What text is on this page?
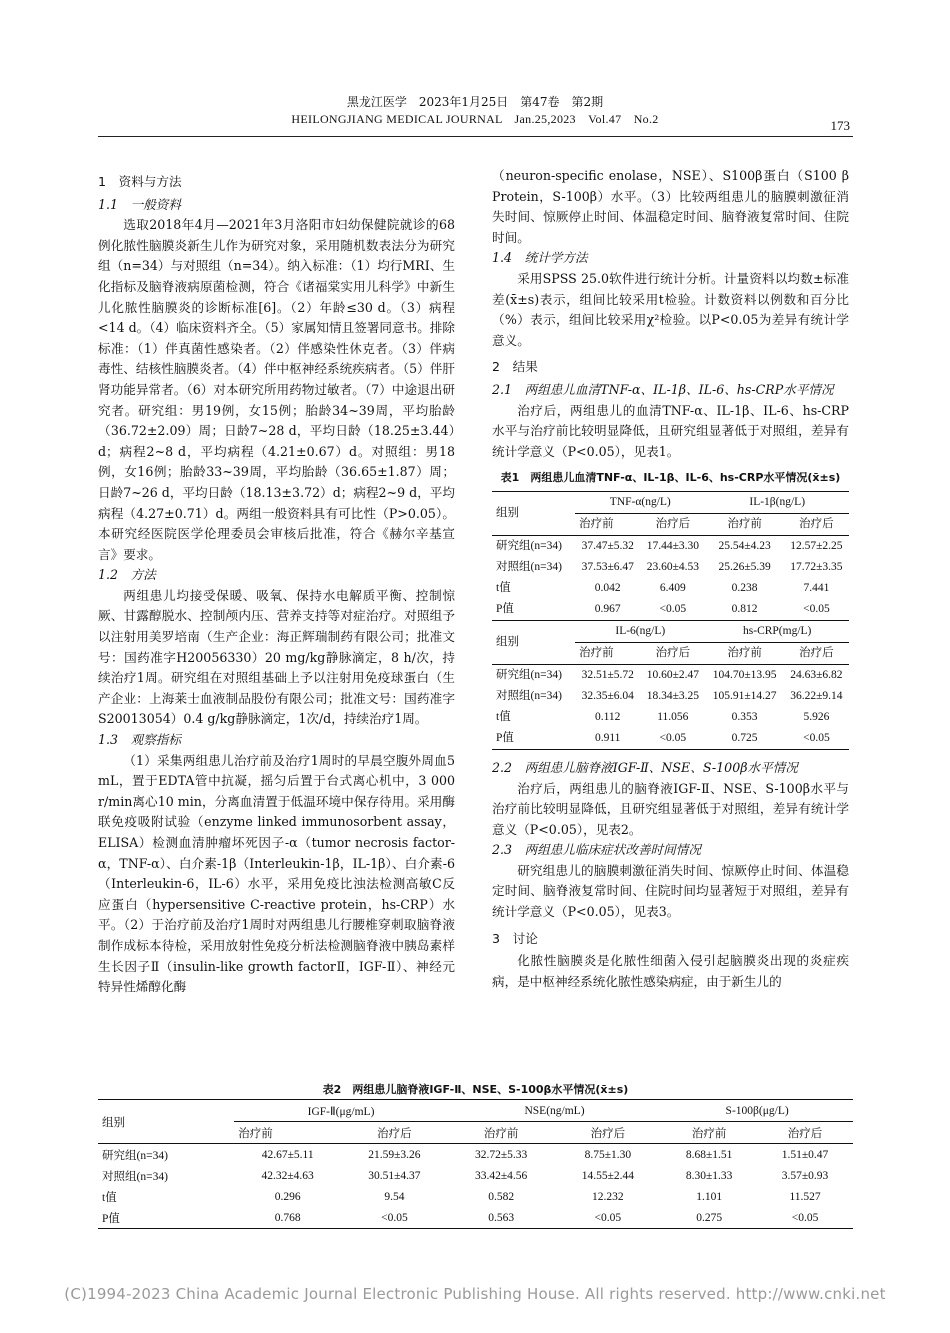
黑龙江医学　2023年1月25日　第47卷　第2期
HEILONGJIANG MEDICAL JOURNAL　Jan.25,2023　Vol.47　No.2	173

1　资料与方法

1.1　一般资料

选取2018年4月—2021年3月洛阳市妇幼保健院就诊的68例化脓性脑膜炎新生儿作为研究对象，采用随机数表法分为研究组（n=34）与对照组（n=34）。纳入标准：（1）均行MRI、生化指标及脑脊液病原菌检测，符合《诸福棠实用儿科学》中新生儿化脓性脑膜炎的诊断标准[6]。（2）年龄≤30 d。（3）病程<14 d。（4）临床资料齐全。（5）家属知情且签署同意书。排除标准：（1）伴真菌性感染者。（2）伴感染性休克者。（3）伴病毒性、结核性脑膜炎者。（4）伴中枢神经系统疾病者。（5）伴肝肾功能异常者。（6）对本研究所用药物过敏者。（7）中途退出研究者。研究组：男19例，女15例；胎龄34~39周，平均胎龄（36.72±2.09）周；日龄7~28 d，平均日龄（18.25±3.44）d；病程2~8 d，平均病程（4.21±0.67）d。对照组：男18例，女16例；胎龄33~39周，平均胎龄（36.65±1.87）周；日龄7~26 d，平均日龄（18.13±3.72）d；病程2~9 d，平均病程（4.27±0.71）d。两组一般资料具有可比性（P>0.05）。本研究经医院医学伦理委员会审核后批准，符合《赫尔辛基宣言》要求。

1.2　方法

两组患儿均接受保暖、吸氧、保持水电解质平衡、控制惊厥、甘露醇脱水、控制颅内压、营养支持等对症治疗。对照组予以注射用美罗培南（生产企业：海正辉瑞制药有限公司；批准文号：国药准字H20056330）20 mg/kg静脉滴定，8 h/次，持续治疗1周。研究组在对照组基础上予以注射用免疫球蛋白（生产企业：上海莱士血液制品股份有限公司；批准文号：国药准字S20013054）0.4 g/kg静脉滴定，1次/d，持续治疗1周。

1.3　观察指标

（1）采集两组患儿治疗前及治疗1周时的早晨空腹外周血5 mL，置于EDTA管中抗凝，摇匀后置于台式离心机中，3 000 r/min离心10 min，分离血清置于低温环境中保存待用。采用酶联免疫吸附试验（enzyme linked immunosorbent assay，ELISA）检测血清肿瘤坏死因子-α（tumor necrosis factor-α，TNF-α）、白介素-1β（Interleukin-1β，IL-1β）、白介素-6（Interleukin-6，IL-6）水平，采用免疫比浊法检测高敏C反应蛋白（hypersensitive C-reactive protein，hs-CRP）水平。（2）于治疗前及治疗1周时对两组患儿行腰椎穿刺取脑脊液制作成标本待检，采用放射性免疫分析法检测脑脊液中胰岛素样生长因子Ⅱ（insulin-like growth factorⅡ，IGF-Ⅱ）、神经元特异性烯醇化酶

（neuron-specific enolase，NSE）、S100β蛋白（S100 β Protein，S-100β）水平。（3）比较两组患儿的脑膜刺激征消失时间、惊厥停止时间、体温稳定时间、脑脊液复常时间、住院时间。

1.4　统计学方法

采用SPSS 25.0软件进行统计分析。计量资料以均数±标准差(x̄±s)表示，组间比较采用t检验。计数资料以例数和百分比（%）表示，组间比较采用χ²检验。以P<0.05为差异有统计学意义。

2　结果

2.1　两组患儿血清TNF-α、IL-1β、IL-6、hs-CRP水平情况

治疗后，两组患儿的血清TNF-α、IL-1β、IL-6、hs-CRP水平与治疗前比较明显降低，且研究组显著低于对照组，差异有统计学意义（P<0.05），见表1。

表1　两组患儿血清TNF-α、IL-1β、IL-6、hs-CRP水平情况(x̄±s)
组别	TNF-α(ng/L)		IL-1β(ng/L)	
	治疗前	治疗后	治疗前	治疗后
研究组(n=34)	37.47±5.32	17.44±3.30	25.54±4.23	12.57±2.25
对照组(n=34)	37.53±6.47	23.60±4.53	25.26±5.39	17.72±3.35
t值	0.042	6.409	0.238	7.441
P值	0.967	<0.05	0.812	<0.05
组别	IL-6(ng/L)		hs-CRP(mg/L)	
	治疗前	治疗后	治疗前	治疗后
研究组(n=34)	32.51±5.72	10.60±2.47	104.70±13.95	24.63±6.82
对照组(n=34)	32.35±6.04	18.34±3.25	105.91±14.27	36.22±9.14
t值	0.112	11.056	0.353	5.926
P值	0.911	<0.05	0.725	<0.05

2.2　两组患儿脑脊液IGF-Ⅱ、NSE、S-100β水平情况

治疗后，两组患儿的脑脊液IGF-Ⅱ、NSE、S-100β水平与治疗前比较明显降低，且研究组显著低于对照组，差异有统计学意义（P<0.05），见表2。

2.3　两组患儿临床症状改善时间情况

研究组患儿的脑膜刺激征消失时间、惊厥停止时间、体温稳定时间、脑脊液复常时间、住院时间均显著短于对照组，差异有统计学意义（P<0.05），见表3。

3　讨论

化脓性脑膜炎是化脓性细菌入侵引起脑膜炎出现的炎症疾病，是中枢神经系统化脓性感染病症，由于新生儿的

表2　两组患儿脑脊液IGF-Ⅱ、NSE、S-100β水平情况(x̄±s)
组别	IGF-Ⅱ(μg/mL)		NSE(ng/mL)		S-100β(μg/L)	
	治疗前	治疗后	治疗前	治疗后	治疗前	治疗后
研究组(n=34)	42.67±5.11	21.59±3.26	32.72±5.33	8.75±1.30	8.68±1.51	1.51±0.47
对照组(n=34)	42.32±4.63	30.51±4.37	33.42±4.56	14.55±2.44	8.30±1.33	3.57±0.93
t值	0.296	9.54	0.582	12.232	1.101	11.527
P值	0.768	<0.05	0.563	<0.05	0.275	<0.05
(C)1994-2023 China Academic Journal Electronic Publishing House. All rights reserved. http://www.cnki.net
